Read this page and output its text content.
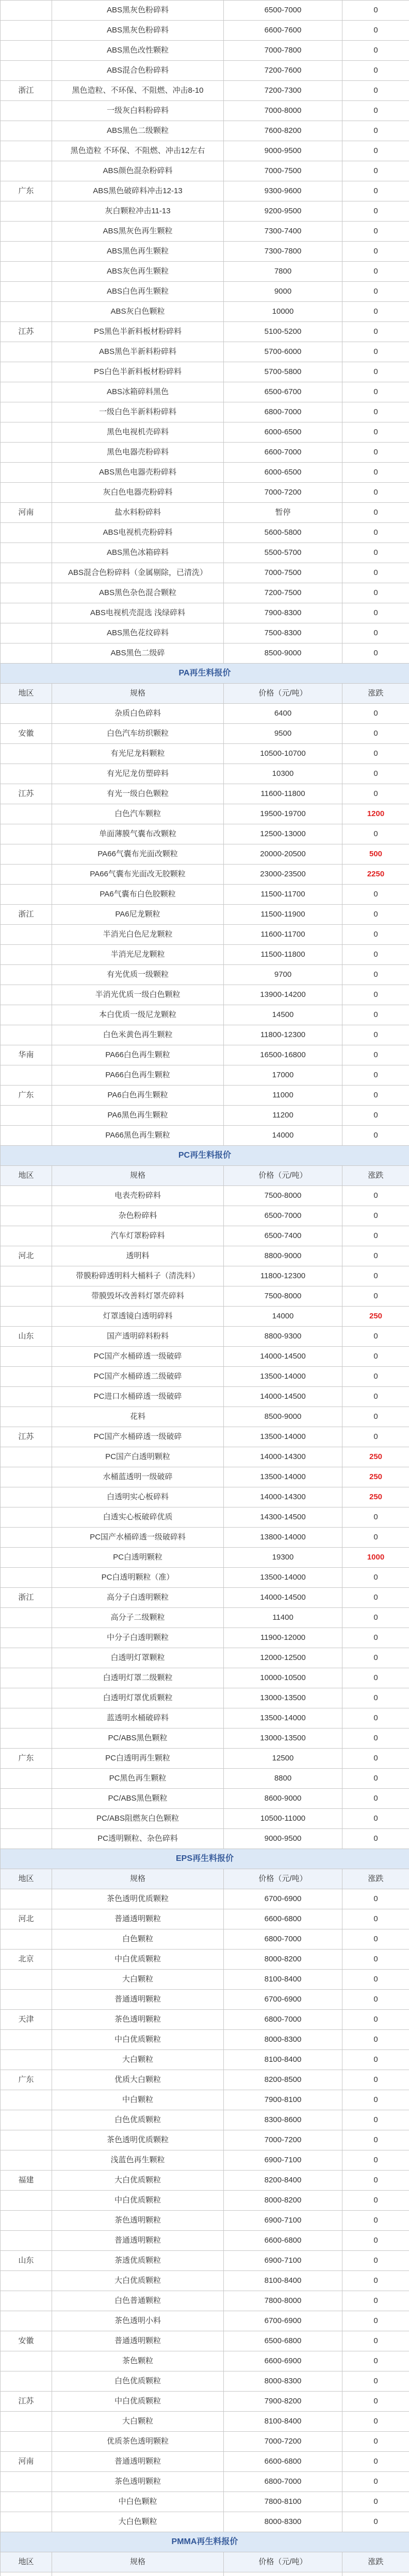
	ABS黑灰色粉碎料	6500-7000	0
	ABS黑灰色粉碎料	6600-7600	0
	ABS黑色改性颗粒	7000-7800	0
	ABS混合色粉碎料	7200-7600	0
浙江	黑色造粒、不环保、不阻燃、冲击8-10	7200-7300	0
	一级灰白料粉碎料	7000-8000	0
	ABS黑色二级颗粒	7600-8200	0
	黑色造粒 不环保、不阻燃、冲击12左右	9000-9500	0
	ABS颜色混杂粉碎料	7000-7500	0
广东	ABS黑色破碎料冲击12-13	9300-9600	0
	灰白颗粒冲击11-13	9200-9500	0
	ABS黑灰色再生颗粒	7300-7400	0
	ABS黑色再生颗粒	7300-7800	0
	ABS灰色再生颗粒	7800	0
	ABS白色再生颗粒	9000	0
	ABS灰白色颗粒	10000	0
江苏	PS黑色半新料板材粉碎料	5100-5200	0
	ABS黑色半新料粉碎料	5700-6000	0
	PS白色半新料板材粉碎料	5700-5800	0
	ABS冰箱碎料黑色	6500-6700	0
	一级白色半新料粉碎料	6800-7000	0
	黑色电视机壳碎料	6000-6500	0
	黑色电器壳粉碎料	6600-7000	0
	ABS黑色电器壳粉碎料	6000-6500	0
	灰白色电器壳粉碎料	7000-7200	0
河南	盐水料粉碎料	暂停	0
	ABS电视机壳粉碎料	5600-5800	0
	ABS黑色冰箱碎料	5500-5700	0
	ABS混合色粉碎料（金属剔除，已清洗）	7000-7500	0
	ABS黑色杂色混合颗粒	7200-7500	0
	ABS电视机壳混选 浅绿碎料	7900-8300	0
	ABS黑色花纹碎料	7500-8300	0
	ABS黑色二级碎	8500-9000	0
PA再生料报价			
地区	规格	价格（元/吨）	涨跌
	杂质白色碎料	6400	0
安徽	白色汽车纺织颗粒	9500	0
	有光尼龙料颗粒	10500-10700	0
	有光尼龙仿塑碎料	10300	0
江苏	有光一级白色颗粒	11600-11800	0
	白色汽车颗粒	19500-19700	1200
	单面薄膜气囊布改颗粒	12500-13000	0
	PA66气囊布光面改颗粒	20000-20500	500
	PA66气囊布光面改无胶颗粒	23000-23500	2250
	PA6气囊布白色胶颗粒	11500-11700	0
浙江	PA6尼龙颗粒	11500-11900	0
	半消光白色尼龙颗粒	11600-11700	0
	半消光尼龙颗粒	11500-11800	0
	有光优质一级颗粒	9700	0
	半消光优质一级白色颗粒	13900-14200	0
	本白优质一级尼龙颗粒	14500	0
	白色米黄色再生颗粒	11800-12300	0
华南	PA66白色再生颗粒	16500-16800	0
	PA66白色再生颗粒	17000	0
广东	PA6白色再生颗粒	11000	0
	PA6黑色再生颗粒	11200	0
	PA66黑色再生颗粒	14000	0
PC再生料报价			
地区	规格	价格（元/吨）	涨跌
	电表壳粉碎料	7500-8000	0
	杂色粉碎料	6500-7000	0
	汽车灯罩粉碎料	6500-7400	0
河北	透明料	8800-9000	0
	带膜粉碎透明料大桶料子（清洗料）	11800-12300	0
	带膜毁坏改善料灯罩壳碎料	7500-8000	0
	灯罩透镜白透明碎料	14000	250
山东	国产透明碎料粉料	8800-9300	0
	PC国产水桶碎透一级破碎	14000-14500	0
	PC国产水桶碎透二级破碎	13500-14000	0
	PC进口水桶碎透一级破碎	14000-14500	0
	花料	8500-9000	0
江苏	PC国产水桶碎透一级破碎	13500-14000	0
	PC国产白透明颗粒	14000-14300	250
	水桶蓝透明一级破碎	13500-14000	250
	白透明实心板碎料	14000-14300	250
	白透实心板破碎优质	14300-14500	0
	PC国产水桶碎透一级破碎料	13800-14000	0
	PC白透明颗粒	19300	1000
	PC白透明颗粒（准）	13500-14000	0
浙江	高分子白透明颗粒	14000-14500	0
	高分子二级颗粒	11400	0
	中分子白透明颗粒	11900-12000	0
	白透明灯罩颗粒	12000-12500	0
	白透明灯罩二级颗粒	10000-10500	0
	白透明灯罩优质颗粒	13000-13500	0
	蓝透明水桶破碎料	13500-14000	0
	PC/ABS黑色颗粒	13000-13500	0
广东	PC白透明再生颗粒	12500	0
	PC黑色再生颗粒	8800	0
	PC/ABS黑色颗粒	8600-9000	0
	PC/ABS阻燃灰白色颗粒	10500-11000	0
	PC透明颗粒、杂色碎料	9000-9500	0
EPS再生料报价			
地区	规格	价格（元/吨）	涨跌
	茶色透明优质颗粒	6700-6900	0
河北	普通透明颗粒	6600-6800	0
	白色颗粒	6800-7000	0
北京	中白优质颗粒	8000-8200	0
	大白颗粒	8100-8400	0
	普通透明颗粒	6700-6900	0
天津	茶色透明颗粒	6800-7000	0
	中白优质颗粒	8000-8300	0
	大白颗粒	8100-8400	0
广东	优质大白颗粒	8200-8500	0
	中白颗粒	7900-8100	0
	白色优质颗粒	8300-8600	0
	茶色透明优质颗粒	7000-7200	0
	浅蓝色再生颗粒	6900-7100	0
福建	大白优质颗粒	8200-8400	0
	中白优质颗粒	8000-8200	0
	茶色透明颗粒	6900-7100	0
	普通透明颗粒	6600-6800	0
山东	茶透优质颗粒	6900-7100	0
	大白优质颗粒	8100-8400	0
	白色普通颗粒	7800-8000	0
	茶色透明小料	6700-6900	0
安徽	普通透明颗粒	6500-6800	0
	茶色颗粒	6600-6900	0
	白色优质颗粒	8000-8300	0
江苏	中白优质颗粒	7900-8200	0
	大白颗粒	8100-8400	0
	优质茶色透明颗粒	7000-7200	0
河南	普通透明颗粒	6600-6800	0
	茶色透明颗粒	6800-7000	0
	中白色颗粒	7800-8100	0
	大白色颗粒	8000-8300	0
PMMA再生料报价			
地区	规格	价格（元/吨）	涨跌
